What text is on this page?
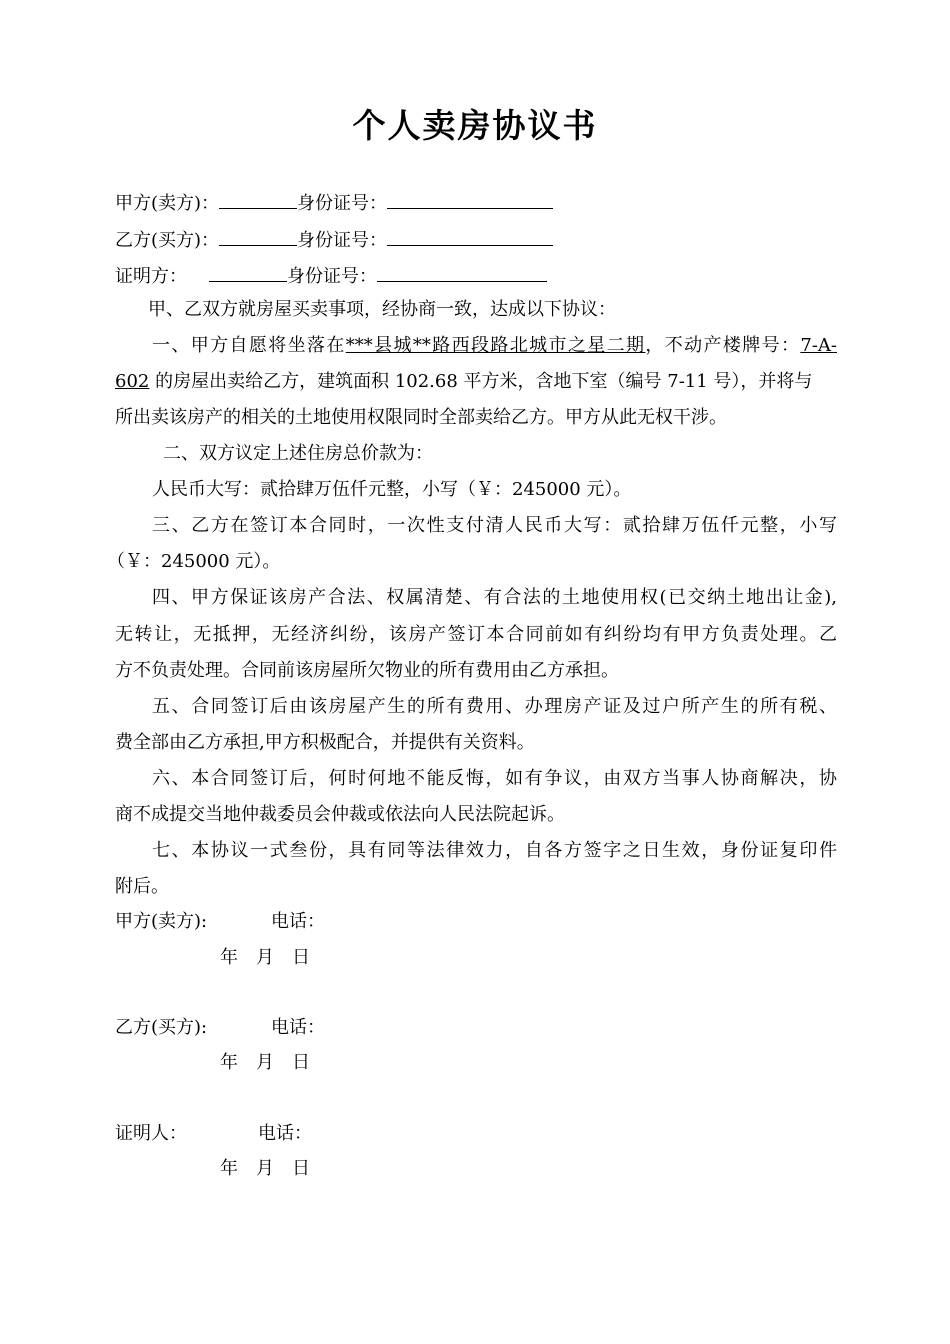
个人卖房协议书
甲方(卖方)：	身份证号：
乙方(买方)：	身份证号：
证明方：	身份证号：
甲、乙双方就房屋买卖事项，经协商一致，达成以下协议：
一、甲方自愿将坐落在***县城**路西段路北城市之星二期，不动产楼牌号：7-A-
602 的房屋出卖给乙方，建筑面积 102.68 平方米，含地下室（编号 7-11 号），并将与
所出卖该房产的相关的土地使用权限同时全部卖给乙方。甲方从此无权干涉。
二、双方议定上述住房总价款为：
人民币大写：贰拾肆万伍仟元整，小写（￥：245000 元）。
三、乙方在签订本合同时，一次性支付清人民币大写：贰拾肆万伍仟元整，小写
（￥：245000 元）。
四、甲方保证该房产合法、权属清楚、有合法的土地使用权(已交纳土地出让金),
无转让，无抵押，无经济纠纷，该房产签订本合同前如有纠纷均有甲方负责处理。乙
方不负责处理。合同前该房屋所欠物业的所有费用由乙方承担。
五、合同签订后由该房屋产生的所有费用、办理房产证及过户所产生的所有税、
费全部由乙方承担,甲方积极配合，并提供有关资料。
六、本合同签订后，何时何地不能反悔，如有争议，由双方当事人协商解决，协
商不成提交当地仲裁委员会仲裁或依法向人民法院起诉。
七、本协议一式叁份，具有同等法律效力，自各方签字之日生效，身份证复印件
附后。
甲方(卖方):	电话：
年　月　日
乙方(买方):	电话：
年　月　日
证明人：	电话：
年　月　日
